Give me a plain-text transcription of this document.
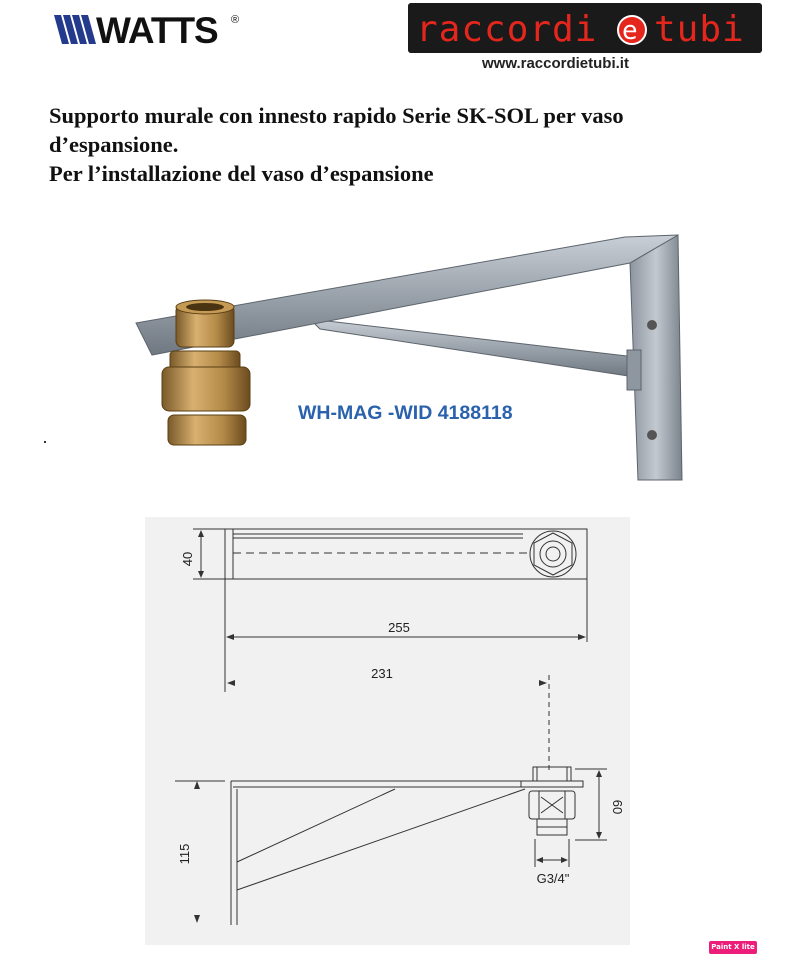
WATTS ®	raccordi e tubi
www.raccordietubi.it
Supporto murale con innesto rapido Serie SK-SOL per vaso
d’espansione.
Per l’installazione del vaso d’espansione
WH-MAG -WID 4188118
40
255
231
115
60
G3/4"
Paint X lite
